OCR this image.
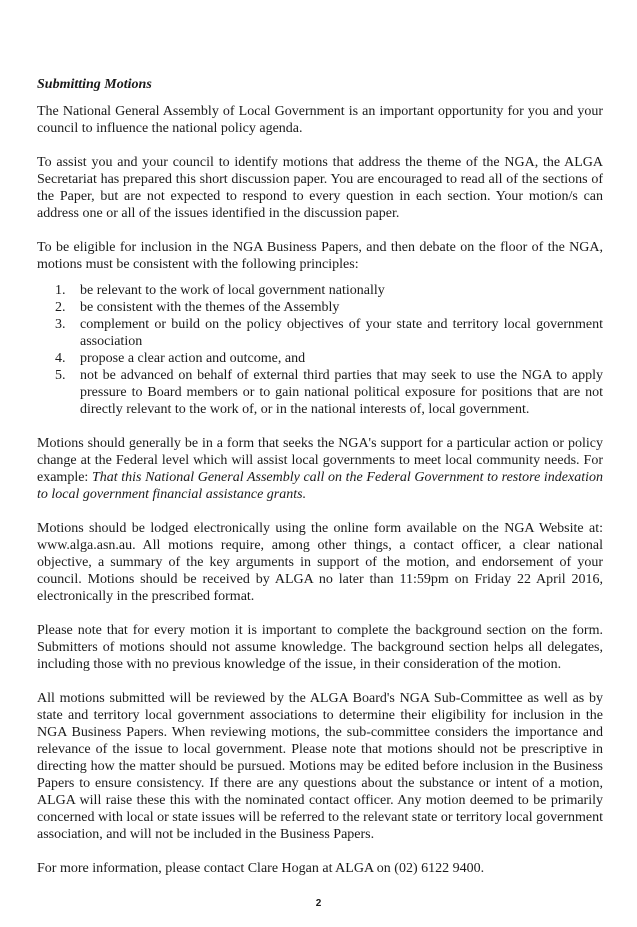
Submitting Motions

The National General Assembly of Local Government is an important opportunity for you and your council to influence the national policy agenda.

To assist you and your council to identify motions that address the theme of the NGA, the ALGA Secretariat has prepared this short discussion paper. You are encouraged to read all of the sections of the Paper, but are not expected to respond to every question in each section. Your motion/s can address one or all of the issues identified in the discussion paper.

To be eligible for inclusion in the NGA Business Papers, and then debate on the floor of the NGA, motions must be consistent with the following principles:

1. be relevant to the work of local government nationally
2. be consistent with the themes of the Assembly
3. complement or build on the policy objectives of your state and territory local government association
4. propose a clear action and outcome, and
5. not be advanced on behalf of external third parties that may seek to use the NGA to apply pressure to Board members or to gain national political exposure for positions that are not directly relevant to the work of, or in the national interests of, local government.

Motions should generally be in a form that seeks the NGA's support for a particular action or policy change at the Federal level which will assist local governments to meet local community needs. For example: That this National General Assembly call on the Federal Government to restore indexation to local government financial assistance grants.

Motions should be lodged electronically using the online form available on the NGA Website at: www.alga.asn.au. All motions require, among other things, a contact officer, a clear national objective, a summary of the key arguments in support of the motion, and endorsement of your council. Motions should be received by ALGA no later than 11:59pm on Friday 22 April 2016, electronically in the prescribed format.

Please note that for every motion it is important to complete the background section on the form. Submitters of motions should not assume knowledge. The background section helps all delegates, including those with no previous knowledge of the issue, in their consideration of the motion.

All motions submitted will be reviewed by the ALGA Board's NGA Sub-Committee as well as by state and territory local government associations to determine their eligibility for inclusion in the NGA Business Papers. When reviewing motions, the sub-committee considers the importance and relevance of the issue to local government. Please note that motions should not be prescriptive in directing how the matter should be pursued. Motions may be edited before inclusion in the Business Papers to ensure consistency. If there are any questions about the substance or intent of a motion, ALGA will raise these this with the nominated contact officer. Any motion deemed to be primarily concerned with local or state issues will be referred to the relevant state or territory local government association, and will not be included in the Business Papers.

For more information, please contact Clare Hogan at ALGA on (02) 6122 9400.

2
